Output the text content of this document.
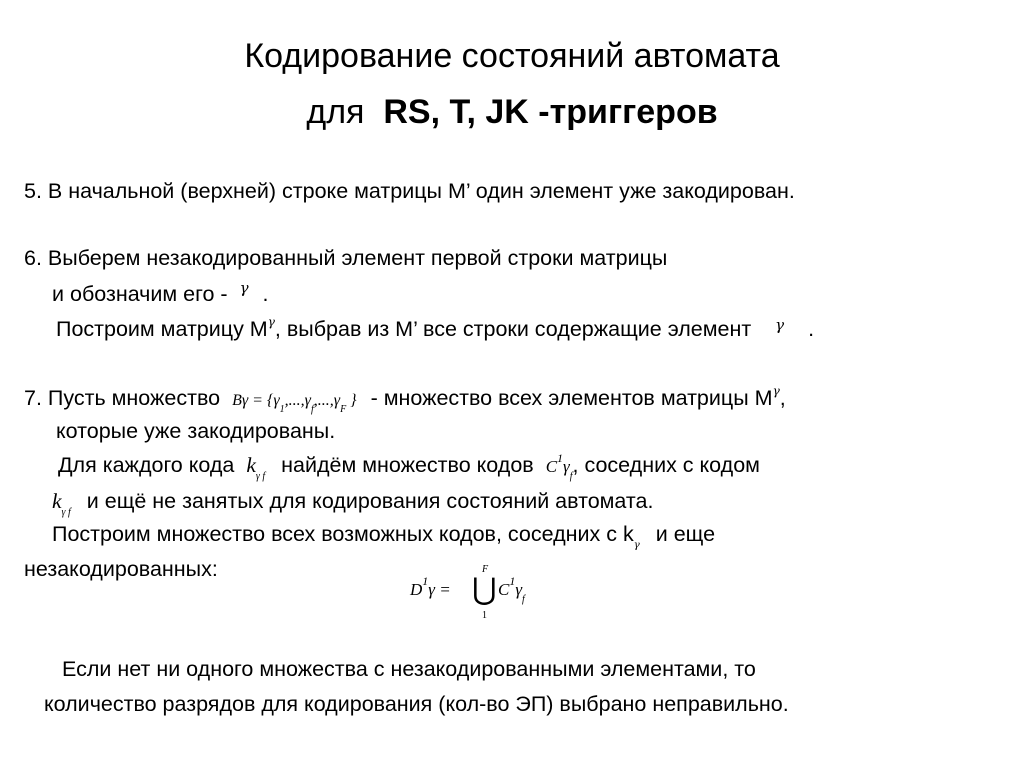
Кодирование состояний автомата
для RS, T, JK -триггеров
5. В начальной (верхней) строке матрицы M’ один элемент уже закодирован.
6. Выберем незакодированный элемент первой строки матрицы
и обозначим его - $^\gamma$ .
Построим матрицу $M^\gamma$, выбрав из M’ все строки содержащие элемент $^\gamma$ .
7. Пусть множество $B\gamma = \{\gamma_1,...,\gamma_f,...,\gamma_F$ } - множество всех элементов матрицы $M^\gamma$,
которые уже закодированы.
Для каждого кода $k_{\gamma f}$ найдём множество кодов $C^1\gamma_f$, соседних с кодом
$k_{\gamma f}$ и ещё не занятых для кодирования состояний автомата.
Построим множество всех возможных кодов, соседних с $k_\gamma$ и еще
незакодированных:
$D^1\gamma$ =
F
⋃
1
$C^1\gamma_f$
Если нет ни одного множества с незакодированными элементами, то
количество разрядов для кодирования (кол-во ЭП) выбрано неправильно.
